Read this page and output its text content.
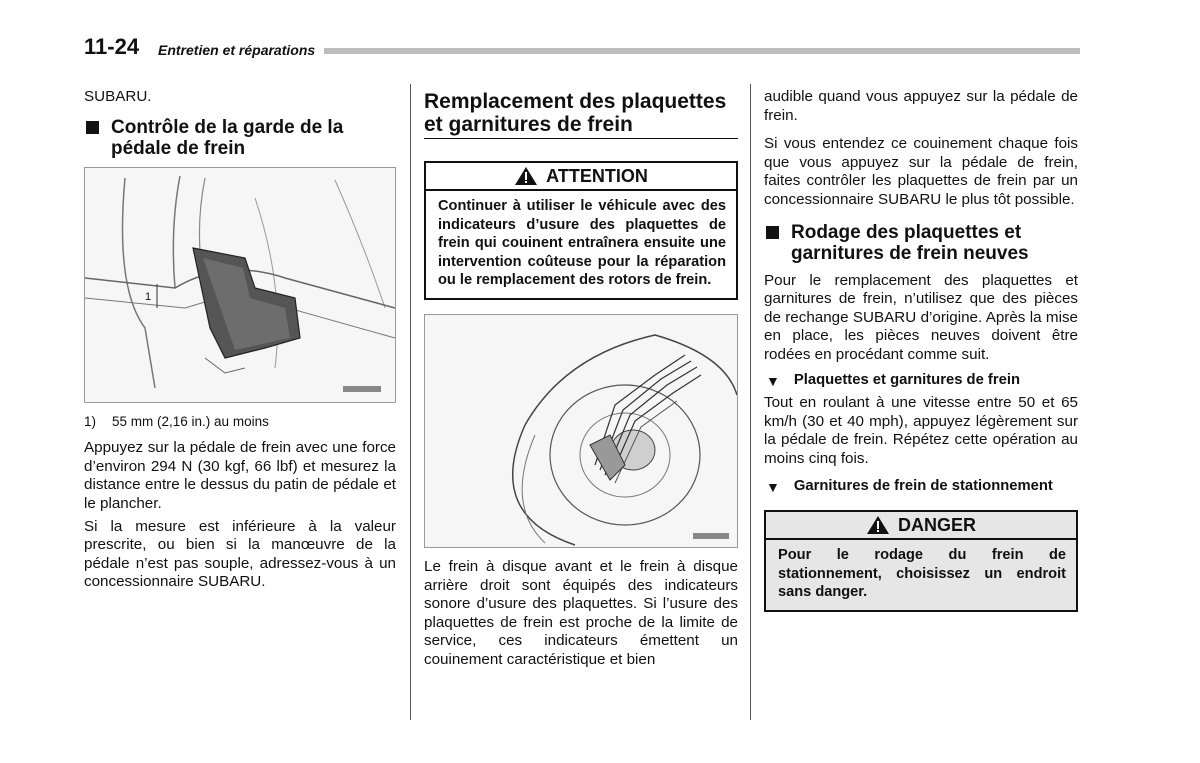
11-24 Entretien et réparations

SUBARU.

Contrôle de la garde de la pédale de frein
1
1) 55 mm (2,16 in.) au moins

Appuyez sur la pédale de frein avec une force d’environ 294 N (30 kgf, 66 lbf) et mesurez la distance entre le dessus du patin de pédale et le plancher.

Si la mesure est inférieure à la valeur prescrite, ou bien si la manœuvre de la pédale n’est pas souple, adressez-vous à un concessionnaire SUBARU.

Remplacement des plaquettes et garnitures de frein
ATTENTION
Continuer à utiliser le véhicule avec des indicateurs d’usure des plaquettes de frein qui couinent entraînera ensuite une intervention coûteuse pour la réparation ou le remplacement des rotors de frein.

Le frein à disque avant et le frein à disque arrière droit sont équipés des indicateurs sonore d’usure des plaquettes. Si l’usure des plaquettes de frein est proche de la limite de service, ces indicateurs émettent un couinement caractéristique et bien

audible quand vous appuyez sur la pédale de frein.

Si vous entendez ce couinement chaque fois que vous appuyez sur la pédale de frein, faites contrôler les plaquettes de frein par un concessionnaire SUBARU le plus tôt possible.

Rodage des plaquettes et garnitures de frein neuves

Pour le remplacement des plaquettes et garnitures de frein, n’utilisez que des pièces de rechange SUBARU d’origine. Après la mise en place, les pièces neuves doivent être rodées en procédant comme suit.

▼ Plaquettes et garnitures de frein

Tout en roulant à une vitesse entre 50 et 65 km/h (30 et 40 mph), appuyez légèrement sur la pédale de frein. Répétez cette opération au moins cinq fois.

▼ Garnitures de frein de stationnement
DANGER
Pour le rodage du frein de stationnement, choisissez un endroit sans danger.
